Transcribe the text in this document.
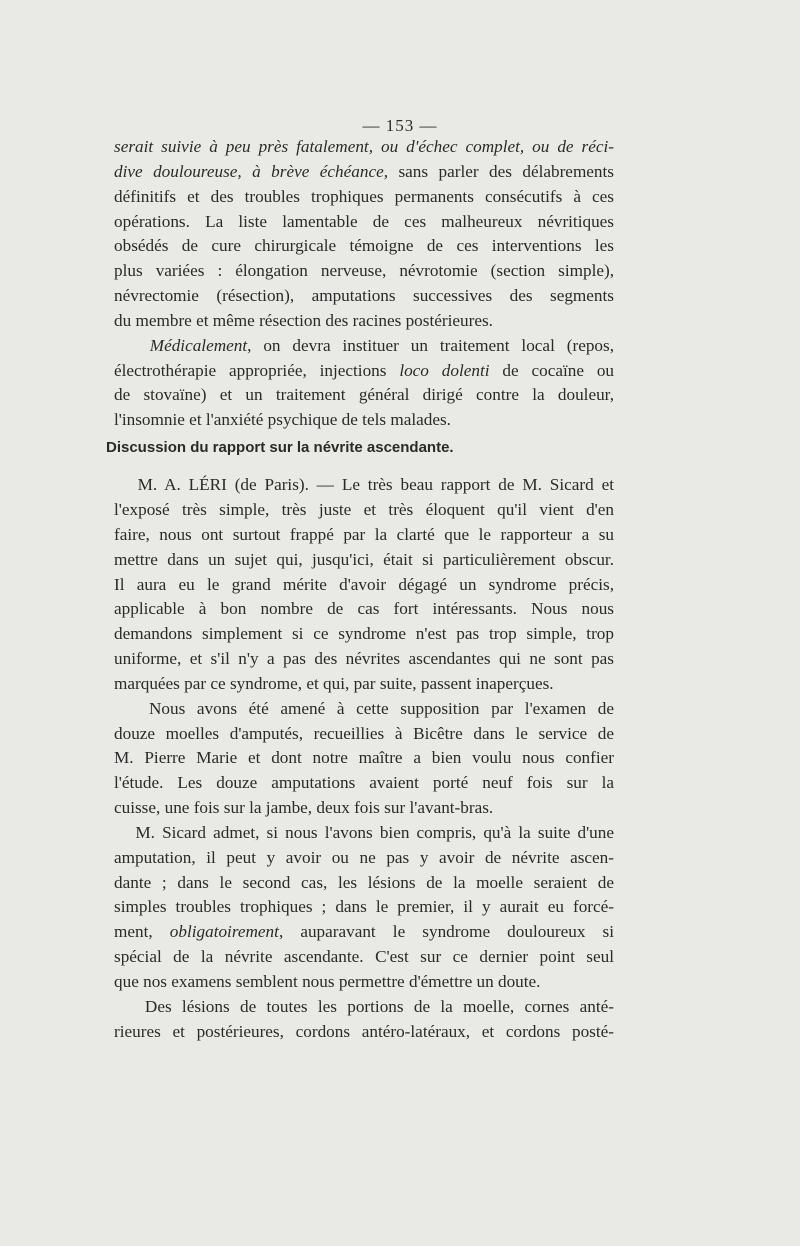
— 153 —
serait suivie à peu près fatalement, ou d'échec complet, ou de réci-
dive douloureuse, à brève échéance, sans parler des délabrements
définitifs et des troubles trophiques permanents consécutifs à ces
opérations. La liste lamentable de ces malheureux névritiques
obsédés de cure chirurgicale témoigne de ces interventions les
plus variées : élongation nerveuse, névrotomie (section simple),
névrectomie (résection), amputations successives des segments
du membre et même résection des racines postérieures.
Médicalement, on devra instituer un traitement local (repos,
électrothérapie appropriée, injections loco dolenti de cocaïne ou
de stovaïne) et un traitement général dirigé contre la douleur,
l'insomnie et l'anxiété psychique de tels malades.
Discussion du rapport sur la névrite ascendante.
M. A. LÉRI (de Paris). — Le très beau rapport de M. Sicard et
l'exposé très simple, très juste et très éloquent qu'il vient d'en
faire, nous ont surtout frappé par la clarté que le rapporteur a su
mettre dans un sujet qui, jusqu'ici, était si particulièrement obscur.
Il aura eu le grand mérite d'avoir dégagé un syndrome précis,
applicable à bon nombre de cas fort intéressants. Nous nous
demandons simplement si ce syndrome n'est pas trop simple, trop
uniforme, et s'il n'y a pas des névrites ascendantes qui ne sont pas
marquées par ce syndrome, et qui, par suite, passent inaperçues.
Nous avons été amené à cette supposition par l'examen de
douze moelles d'amputés, recueillies à Bicêtre dans le service de
M. Pierre Marie et dont notre maître a bien voulu nous confier
l'étude. Les douze amputations avaient porté neuf fois sur la
cuisse, une fois sur la jambe, deux fois sur l'avant-bras.
M. Sicard admet, si nous l'avons bien compris, qu'à la suite d'une
amputation, il peut y avoir ou ne pas y avoir de névrite ascen-
dante ; dans le second cas, les lésions de la moelle seraient de
simples troubles trophiques ; dans le premier, il y aurait eu forcé-
ment, obligatoirement, auparavant le syndrome douloureux si
spécial de la névrite ascendante. C'est sur ce dernier point seul
que nos examens semblent nous permettre d'émettre un doute.
Des lésions de toutes les portions de la moelle, cornes anté-
rieures et postérieures, cordons antéro-latéraux, et cordons posté-
